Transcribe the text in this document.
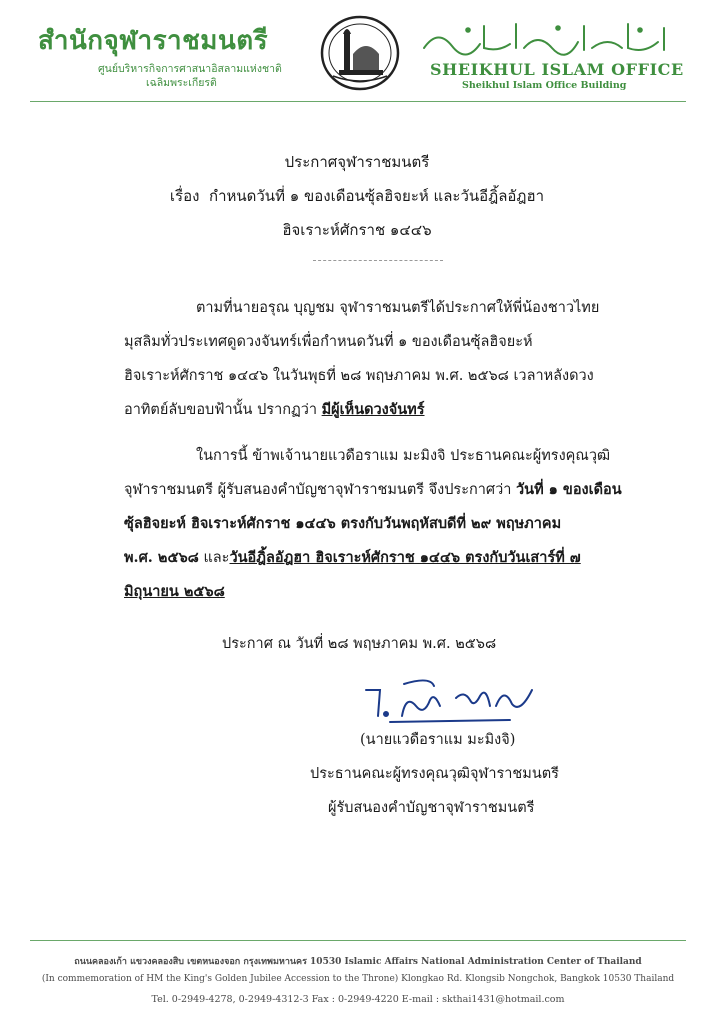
สำนักจุฬาราชมนตรี
ศูนย์บริหารกิจการศาสนาอิสลามแห่งชาติ
เฉลิมพระเกียรติ
SHEIKHUL ISLAM OFFICE
Sheikhul Islam Office Building
ประกาศจุฬาราชมนตรี
เรื่อง กำหนดวันที่ ๑ ของเดือนซุ้ลฮิจยะห์ และวันอีฎิ้ลอัฎฮา
ฮิจเราะห์ศักราช ๑๔๔๖
ตามที่นายอรุณ บุญชม จุฬาราชมนตรีได้ประกาศให้พี่น้องชาวไทย
มุสลิมทั่วประเทศดูดวงจันทร์เพื่อกำหนดวันที่ ๑ ของเดือนซุ้ลฮิจยะห์
ฮิจเราะห์ศักราช ๑๔๔๖ ในวันพุธที่ ๒๘ พฤษภาคม พ.ศ. ๒๕๖๘ เวลาหลังดวง
อาทิตย์ลับขอบฟ้านั้น ปรากฏว่า มีผู้เห็นดวงจันทร์
ในการนี้ ข้าพเจ้านายแวดือราแม มะมิงจิ ประธานคณะผู้ทรงคุณวุฒิ
จุฬาราชมนตรี ผู้รับสนองคำบัญชาจุฬาราชมนตรี จึงประกาศว่า วันที่ ๑ ของเดือน
ซุ้ลฮิจยะห์ ฮิจเราะห์ศักราช ๑๔๔๖ ตรงกับวันพฤหัสบดีที่ ๒๙ พฤษภาคม
พ.ศ. ๒๕๖๘ และวันอีฎิ้ลอัฎฮา ฮิจเราะห์ศักราช ๑๔๔๖ ตรงกับวันเสาร์ที่ ๗
มิถุนายน ๒๕๖๘
ประกาศ ณ วันที่ ๒๘ พฤษภาคม พ.ศ. ๒๕๖๘
(นายแวดือราแม มะมิงจิ)
ประธานคณะผู้ทรงคุณวุฒิจุฬาราชมนตรี
ผู้รับสนองคำบัญชาจุฬาราชมนตรี
ถนนคลองเก้า แขวงคลองสิบ เขตหนองจอก กรุงเทพมหานคร 10530 Islamic Affairs National Administration Center of Thailand
(In commemoration of HM the King's Golden Jubilee Accession to the Throne) Klongkao Rd. Klongsib Nongchok, Bangkok 10530 Thailand
Tel. 0-2949-4278, 0-2949-4312-3 Fax : 0-2949-4220 E-mail : skthai1431@hotmail.com
